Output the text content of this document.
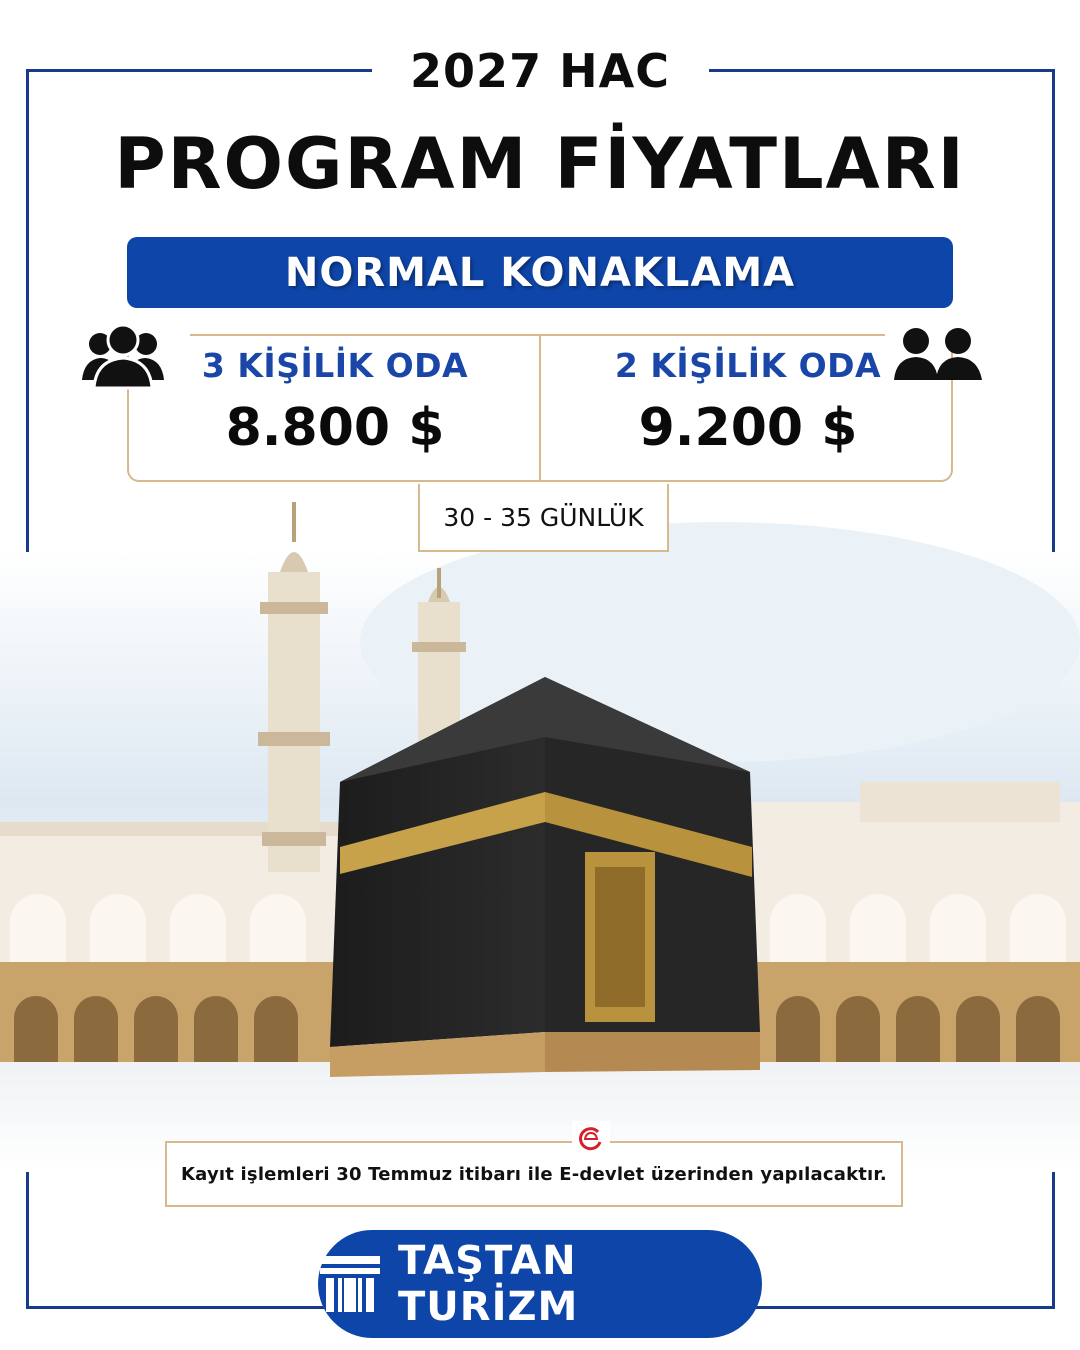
2027 HAC
PROGRAM FİYATLARI
NORMAL KONAKLAMA
3 KİŞİLİK ODA
8.800 $
2 KİŞİLİK ODA
9.200 $
30 - 35 GÜNLÜK
Kayıt işlemleri 30 Temmuz itibarı ile E-devlet üzerinden yapılacaktır.
TAŞTAN TURİZM
